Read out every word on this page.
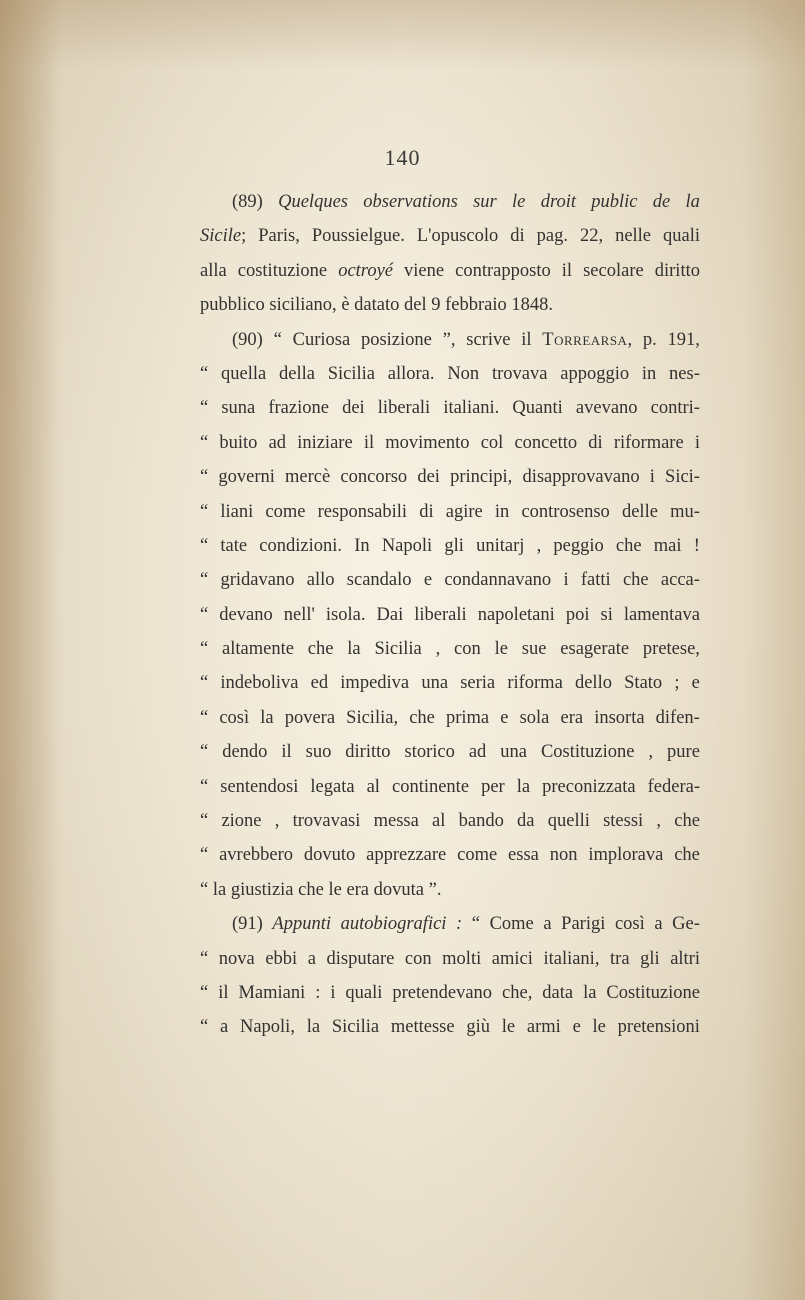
140
(89) Quelques observations sur le droit public de la
Sicile; Paris, Poussielgue. L'opuscolo di pag. 22, nelle quali
alla costituzione octroyé viene contrapposto il secolare diritto
pubblico siciliano, è datato del 9 febbraio 1848.
(90) “ Curiosa posizione ”, scrive il Torrearsa, p. 191,
“ quella della Sicilia allora. Non trovava appoggio in nes-
“ suna frazione dei liberali italiani. Quanti avevano contri-
“ buito ad iniziare il movimento col concetto di riformare i
“ governi mercè concorso dei principi, disapprovavano i Sici-
“ liani come responsabili di agire in controsenso delle mu-
“ tate condizioni. In Napoli gli unitarj , peggio che mai !
“ gridavano allo scandalo e condannavano i fatti che acca-
“ devano nell' isola. Dai liberali napoletani poi si lamentava
“ altamente che la Sicilia , con le sue esagerate pretese,
“ indeboliva ed impediva una seria riforma dello Stato ; e
“ così la povera Sicilia, che prima e sola era insorta difen-
“ dendo il suo diritto storico ad una Costituzione , pure
“ sentendosi legata al continente per la preconizzata federa-
“ zione , trovavasi messa al bando da quelli stessi , che
“ avrebbero dovuto apprezzare come essa non implorava che
“ la giustizia che le era dovuta ”.
(91) Appunti autobiografici : “ Come a Parigi così a Ge-
“ nova ebbi a disputare con molti amici italiani, tra gli altri
“ il Mamiani : i quali pretendevano che, data la Costituzione
“ a Napoli, la Sicilia mettesse giù le armi e le pretensioni
